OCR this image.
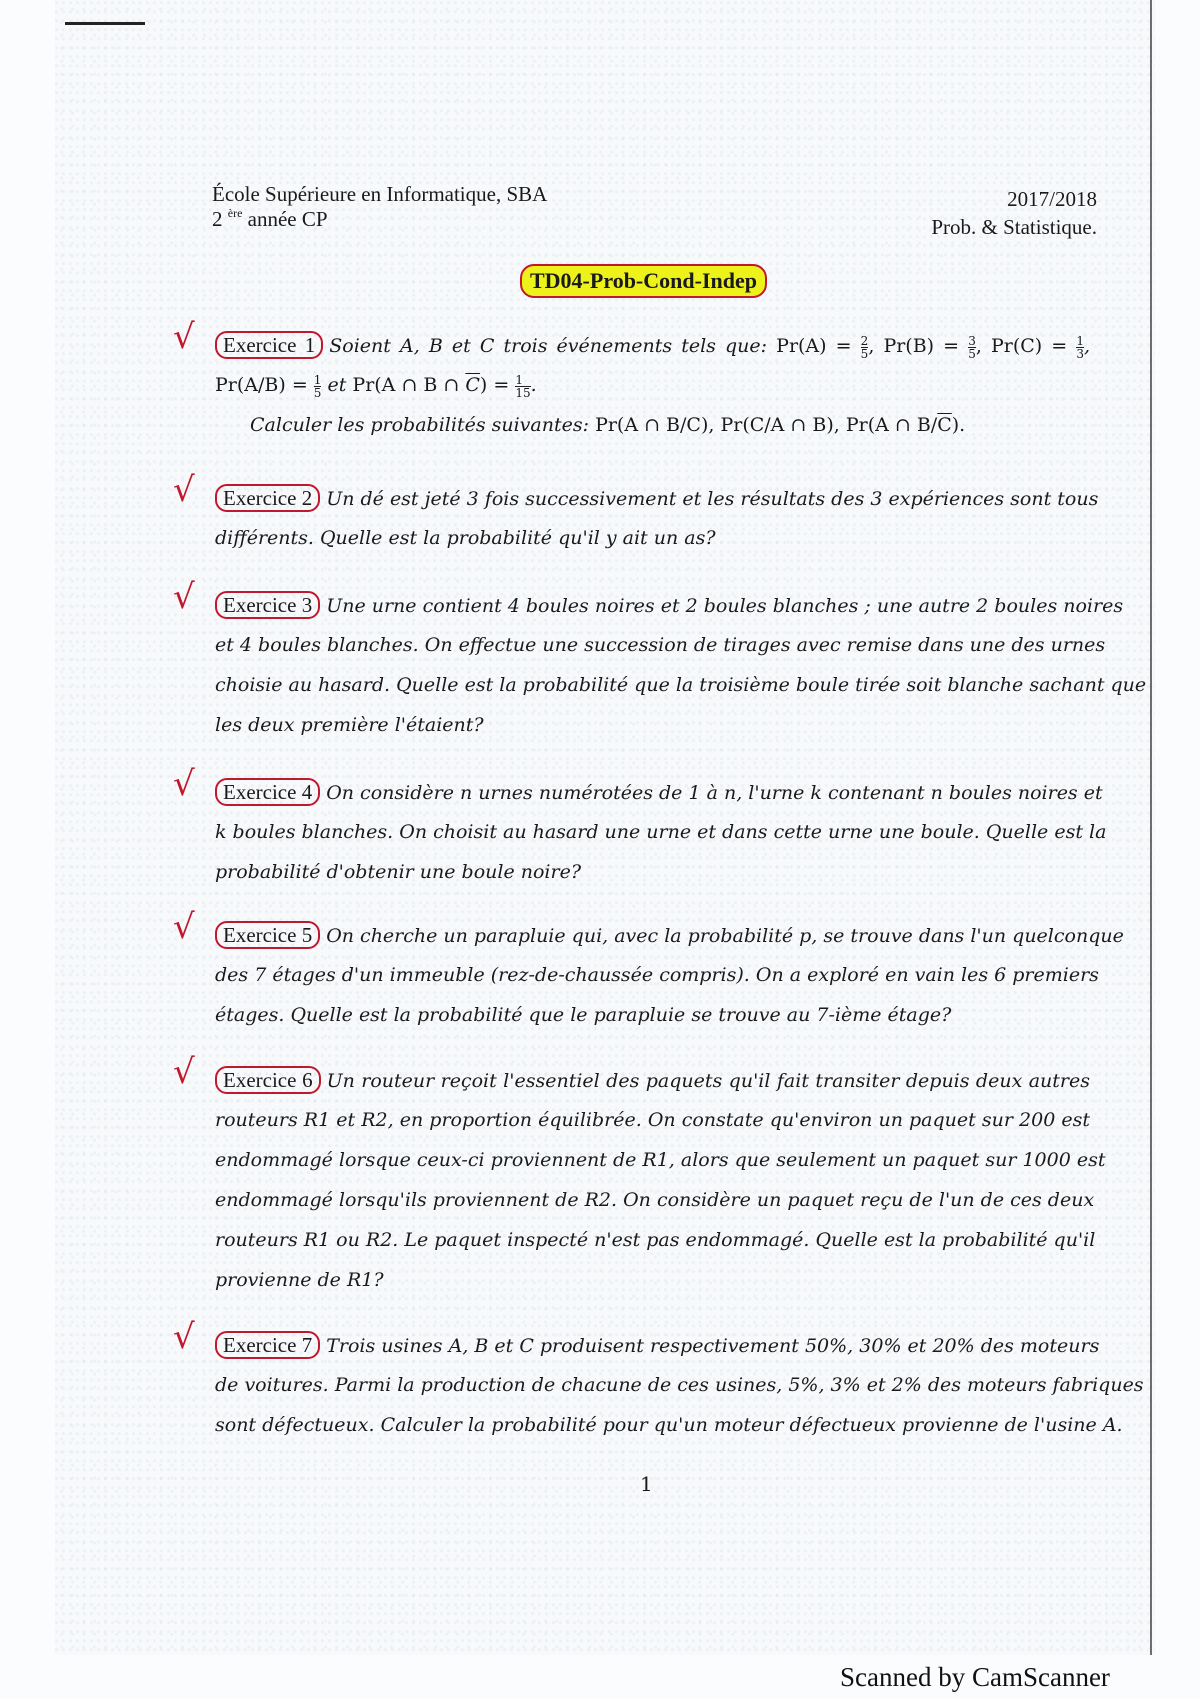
École Supérieure en Informatique, SBA
2 $^{ère}$ année CP
2017/2018
Prob. & Statistique.
TD04-Prob-Cond-Indep
√	Exercice 1 Soient A, B et C trois événements tels que: $Pr(A) = \frac{2}{5}$ , $Pr(B) = \frac{3}{5}$ , $Pr(C) = \frac{1}{3}$ ,
$Pr(A/B) = \frac{1}{5}$ et Pr(A ∩ B ∩ $\overline{C}) = \frac{1}{15}$ .
Calculer les probabilités suivantes: Pr(A ∩ B/C), Pr(C/A ∩ B), Pr(A ∩ $B/\overline{C}$).
√	Exercice 2 Un dé est jeté 3 fois successivement et les résultats des 3 expériences sont tous
différents. Quelle est la probabilité qu'il y ait un as?
√	Exercice 3 Une urne contient 4 boules noires et 2 boules blanches ; une autre 2 boules noires
et 4 boules blanches. On effectue une succession de tirages avec remise dans une des urnes
choisie au hasard. Quelle est la probabilité que la troisième boule tirée soit blanche sachant que
les deux première l'étaient?
√	Exercice 4 On considère n urnes numérotées de 1 à n, l'urne k contenant n boules noires et
k boules blanches. On choisit au hasard une urne et dans cette urne une boule. Quelle est la
probabilité d'obtenir une boule noire?
√	Exercice 5 On cherche un parapluie qui, avec la probabilité p, se trouve dans l'un quelconque
des 7 étages d'un immeuble (rez-de-chaussée compris). On a exploré en vain les 6 premiers
étages. Quelle est la probabilité que le parapluie se trouve au 7-ième étage?
√	Exercice 6 Un routeur reçoit l'essentiel des paquets qu'il fait transiter depuis deux autres
routeurs R1 et R2, en proportion équilibrée. On constate qu'environ un paquet sur 200 est
endommagé lorsque ceux-ci proviennent de R1, alors que seulement un paquet sur 1000 est
endommagé lorsqu'ils proviennent de R2. On considère un paquet reçu de l'un de ces deux
routeurs R1 ou R2. Le paquet inspecté n'est pas endommagé. Quelle est la probabilité qu'il
provienne de R1?
√	Exercice 7 Trois usines A, B et C produisent respectivement 50%, 30% et 20% des moteurs
de voitures. Parmi la production de chacune de ces usines, 5%, 3% et 2% des moteurs fabriques
sont défectueux. Calculer la probabilité pour qu'un moteur défectueux provienne de l'usine A.
1
Scanned by CamScanner
